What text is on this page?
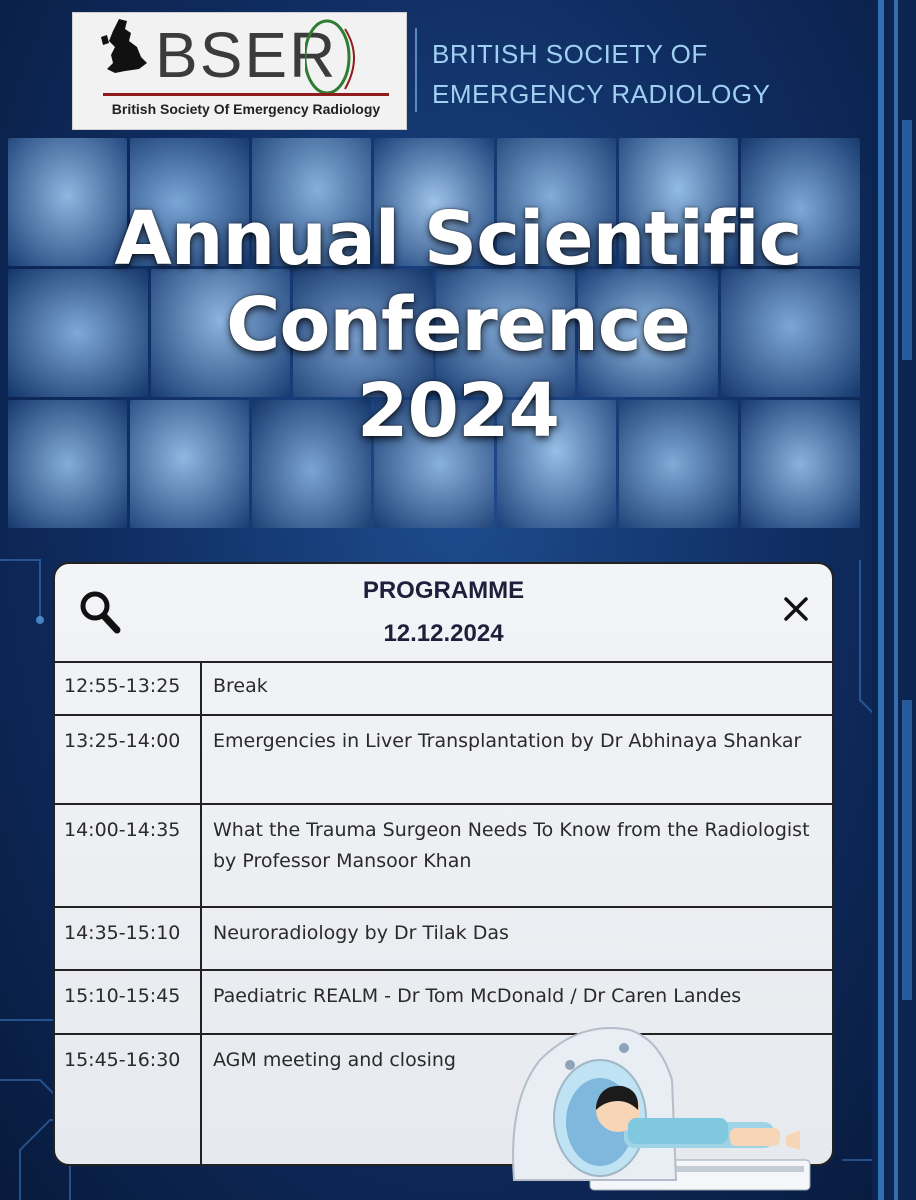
BSER
British Society Of Emergency Radiology
BRITISH SOCIETY OF
EMERGENCY RADIOLOGY
Annual Scientific
Conference
2024
PROGRAMME
12.12.2024
12:55-13:25	Break
13:25-14:00	Emergencies in Liver Transplantation by Dr Abhinaya Shankar
14:00-14:35	What the Trauma Surgeon Needs To Know from the Radiologist by Professor Mansoor Khan
14:35-15:10	Neuroradiology by Dr Tilak Das
15:10-15:45	Paediatric REALM - Dr Tom McDonald / Dr Caren Landes
15:45-16:30	AGM meeting and closing
